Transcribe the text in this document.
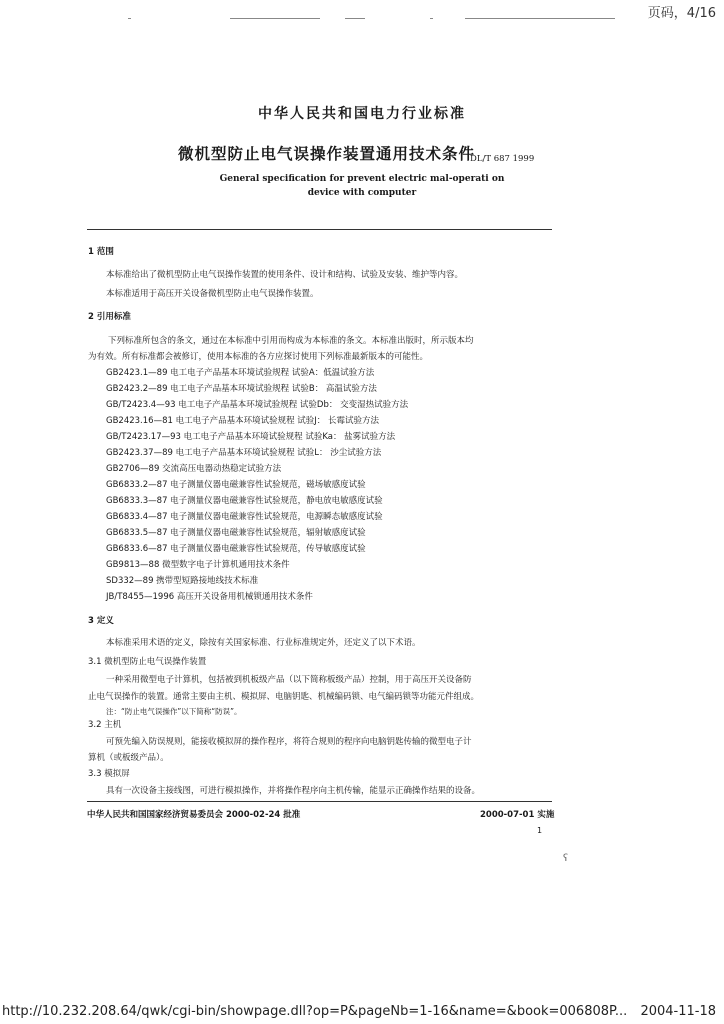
页码，4/16
中华人民共和国电力行业标准
微机型防止电气误操作装置通用技术条件
DL/T 687 1999
General specification for prevent electric mal-operati on
device with computer
1 范围
本标准给出了微机型防止电气误操作装置的使用条件、设计和结构、试验及安装、维护等内容。
本标准适用于高压开关设备微机型防止电气误操作装置。
2 引用标准
下列标准所包含的条文，通过在本标准中引用而构成为本标准的条文。本标准出版时，所示版本均
为有效。所有标准都会被修订，使用本标准的各方应探讨使用下列标准最新版本的可能性。
GB2423.1—89 电工电子产品基本环境试验规程 试验A：低温试验方法
GB2423.2—89 电工电子产品基本环境试验规程 试验B： 高温试验方法
GB/T2423.4—93 电工电子产品基本环境试验规程 试验Db： 交变湿热试验方法
GB2423.16—81 电工电子产品基本环境试验规程 试验J： 长霉试验方法
GB/T2423.17—93 电工电子产品基本环境试验规程 试验Ka： 盐雾试验方法
GB2423.37—89 电工电子产品基本环境试验规程 试验L： 沙尘试验方法
GB2706—89 交流高压电器动热稳定试验方法
GB6833.2—87 电子测量仪器电磁兼容性试验规范，磁场敏感度试验
GB6833.3—87 电子测量仪器电磁兼容性试验规范，静电放电敏感度试验
GB6833.4—87 电子测量仪器电磁兼容性试验规范，电源瞬态敏感度试验
GB6833.5—87 电子测量仪器电磁兼容性试验规范，辐射敏感度试验
GB6833.6—87 电子测量仪器电磁兼容性试验规范，传导敏感度试验
GB9813—88 微型数字电子计算机通用技术条件
SD332—89 携带型短路接地线技术标准
JB/T8455—1996 高压开关设备用机械锁通用技术条件
3 定义
本标准采用术语的定义，除按有关国家标准、行业标准规定外，还定义了以下术语。
3.1 微机型防止电气误操作装置
一种采用微型电子计算机，包括被到机板级产品（以下简称板级产品）控制，用于高压开关设备防
止电气误操作的装置。通常主要由主机、模拟屏、电脑钥匙、机械编码锁、电气编码锁等功能元件组成。
注：“防止电气误操作”以下简称“防误”。
3.2 主机
可预先编入防误规则，能接收模拟屏的操作程序，将符合规则的程序向电脑钥匙传输的微型电子计
算机（或板级产品）。
3.3 模拟屏
具有一次设备主接线图，可进行模拟操作，并将操作程序向主机传输，能显示正确操作结果的设备。
中华人民共和国国家经济贸易委员会 2000-02-24 批准	2000-07-01 实施
1
ʕ
http://10.232.208.64/qwk/cgi-bin/showpage.dll?op=P&pageNb=1-16&name=&book=006808P... 2004-11-18
